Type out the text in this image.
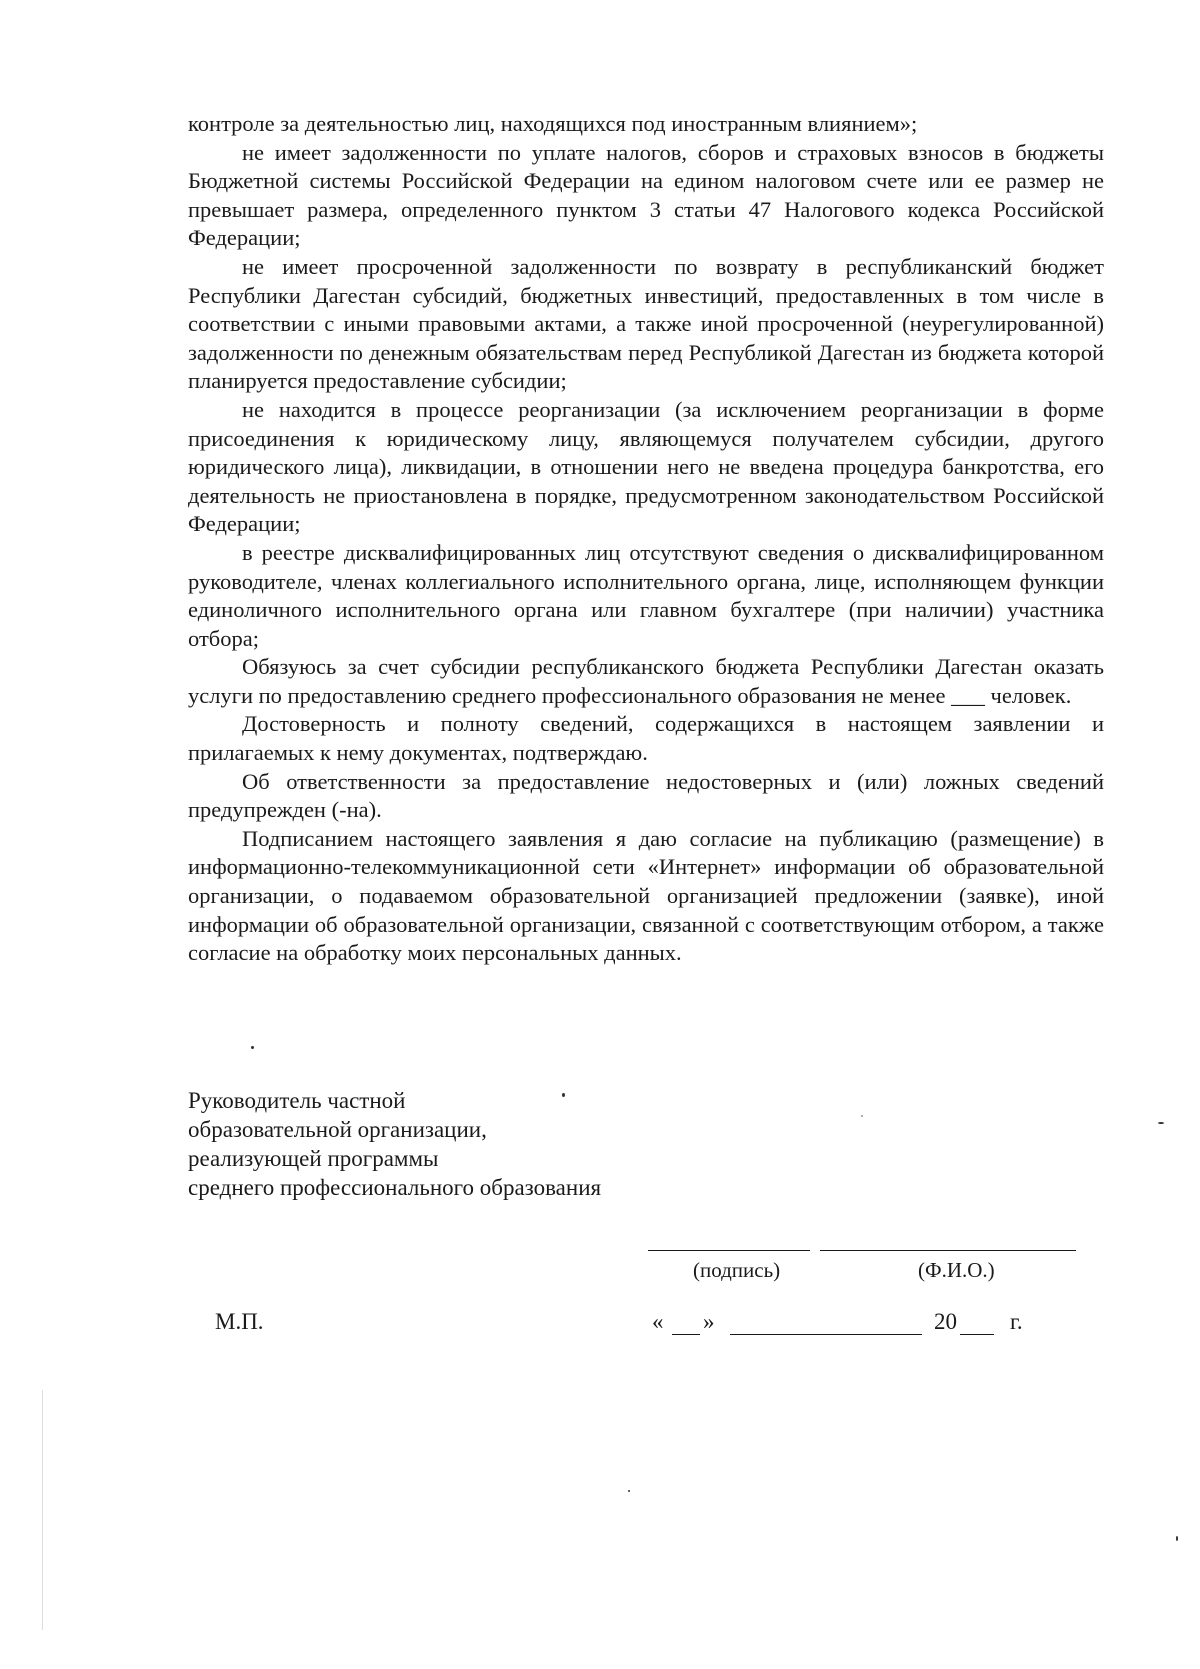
контроле за деятельностью лиц, находящихся под иностранным влиянием»;

не имеет задолженности по уплате налогов, сборов и страховых взносов в бюджеты Бюджетной системы Российской Федерации на едином налоговом счете или ее размер не превышает размера, определенного пунктом 3 статьи 47 Налогового кодекса Российской Федерации;

не имеет просроченной задолженности по возврату в республиканский бюджет Республики Дагестан субсидий, бюджетных инвестиций, предоставленных в том числе в соответствии с иными правовыми актами, а также иной просроченной (неурегулированной) задолженности по денежным обязательствам перед Республикой Дагестан из бюджета которой планируется предоставление субсидии;

не находится в процессе реорганизации (за исключением реорганизации в форме присоединения к юридическому лицу, являющемуся получателем субсидии, другого юридического лица), ликвидации, в отношении него не введена процедура банкротства, его деятельность не приостановлена в порядке, предусмотренном законодательством Российской Федерации;

в реестре дисквалифицированных лиц отсутствуют сведения о дисквалифицированном руководителе, членах коллегиального исполнительного органа, лице, исполняющем функции единоличного исполнительного органа или главном бухгалтере (при наличии) участника отбора;

Обязуюсь за счет субсидии республиканского бюджета Республики Дагестан оказать услуги по предоставлению среднего профессионального образования не менее ___ человек.

Достоверность и полноту сведений, содержащихся в настоящем заявлении и прилагаемых к нему документах, подтверждаю.

Об ответственности за предоставление недостоверных и (или) ложных сведений предупрежден (-на).

Подписанием настоящего заявления я даю согласие на публикацию (размещение) в информационно-телекоммуникационной сети «Интернет» информации об образовательной организации, о подаваемом образовательной организацией предложении (заявке), иной информации об образовательной организации, связанной с соответствующим отбором, а также согласие на обработку моих персональных данных.

Руководитель частной
образовательной организации,
реализующей программы
среднего профессионального образования
(подпись)	(Ф.И.О.)
М.П.	« »	20 г.
